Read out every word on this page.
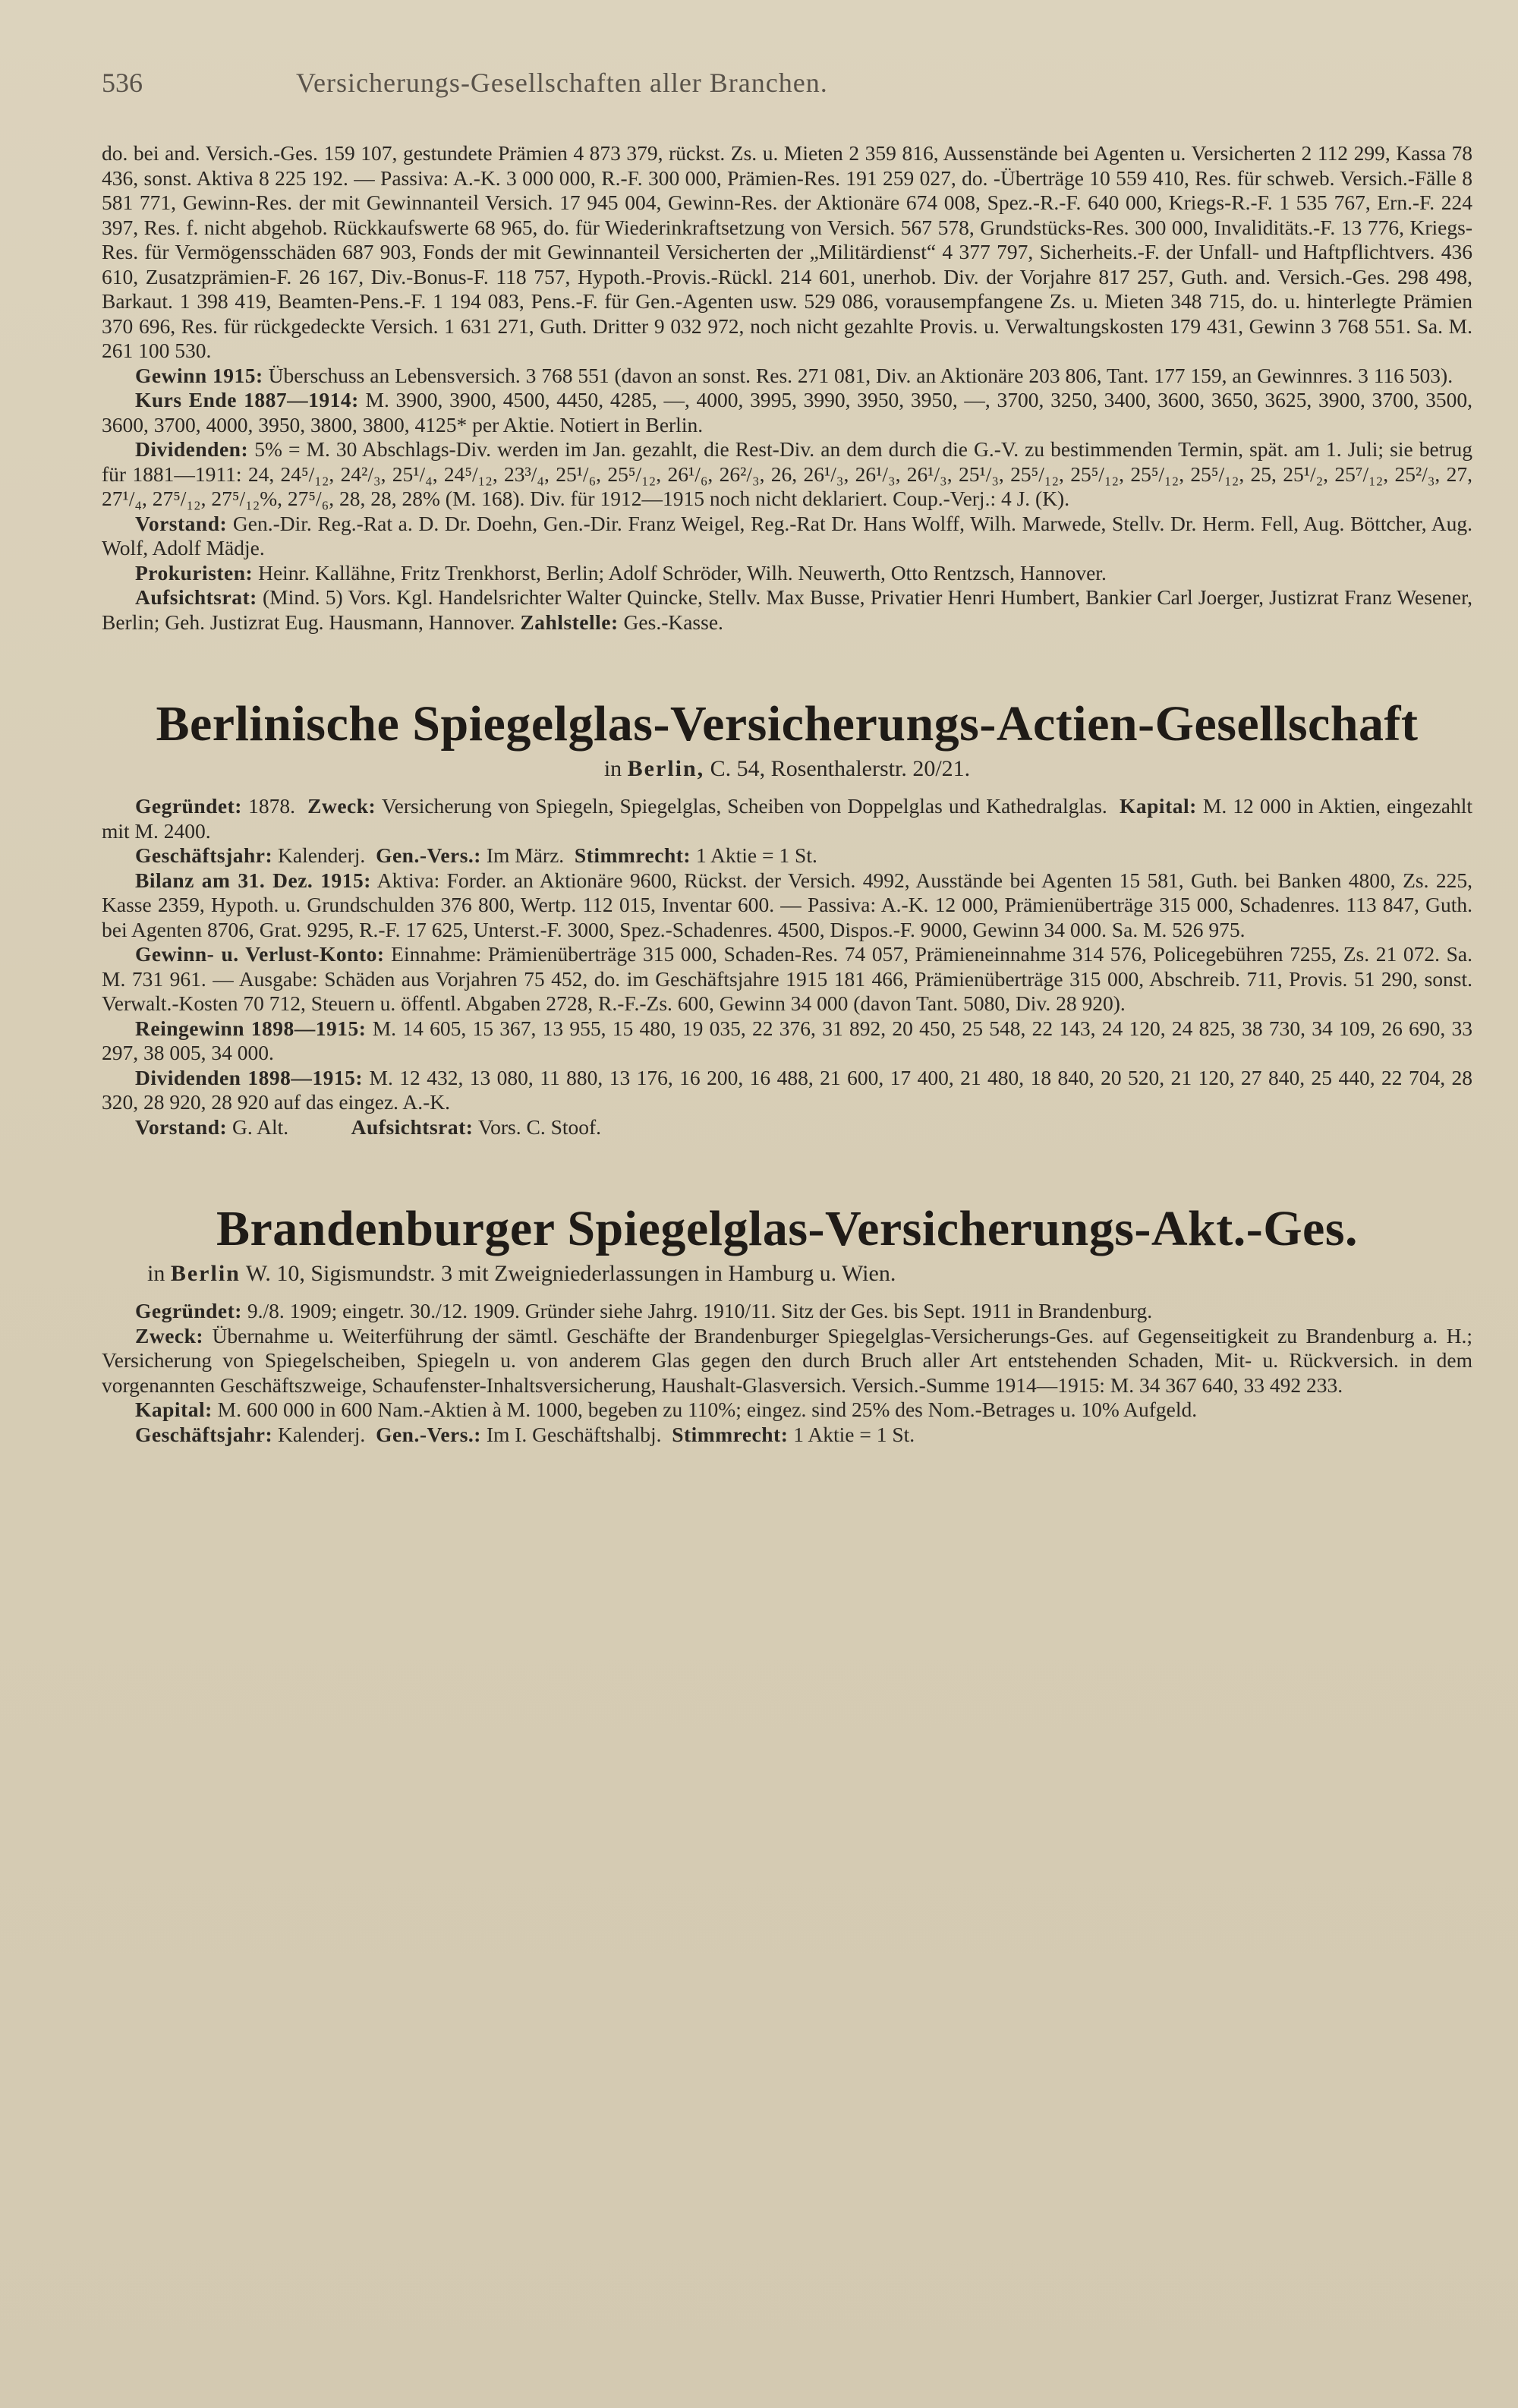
536	Versicherungs-Gesellschaften aller Branchen.

do. bei and. Versich.-Ges. 159 107, gestundete Prämien 4 873 379, rückst. Zs. u. Mieten 2 359 816, Aussenstände bei Agenten u. Versicherten 2 112 299, Kassa 78 436, sonst. Aktiva 8 225 192. — Passiva: A.-K. 3 000 000, R.-F. 300 000, Prämien-Res. 191 259 027, do. -Überträge 10 559 410, Res. für schweb. Versich.-Fälle 8 581 771, Gewinn-Res. der mit Gewinnanteil Versich. 17 945 004, Gewinn-Res. der Aktionäre 674 008, Spez.-R.-F. 640 000, Kriegs-R.-F. 1 535 767, Ern.-F. 224 397, Res. f. nicht abgehob. Rückkaufswerte 68 965, do. für Wiederinkraftsetzung von Versich. 567 578, Grundstücks-Res. 300 000, Invaliditäts.-F. 13 776, Kriegs-Res. für Vermögensschäden 687 903, Fonds der mit Gewinnanteil Versicherten der „Militärdienst“ 4 377 797, Sicherheits.-F. der Unfall- und Haftpflichtvers. 436 610, Zusatzprämien-F. 26 167, Div.-Bonus-F. 118 757, Hypoth.-Provis.-Rückl. 214 601, unerhob. Div. der Vorjahre 817 257, Guth. and. Versich.-Ges. 298 498, Barkaut. 1 398 419, Beamten-Pens.-F. 1 194 083, Pens.-F. für Gen.-Agenten usw. 529 086, vorausempfangene Zs. u. Mieten 348 715, do. u. hinterlegte Prämien 370 696, Res. für rückgedeckte Versich. 1 631 271, Guth. Dritter 9 032 972, noch nicht gezahlte Provis. u. Verwaltungskosten 179 431, Gewinn 3 768 551. Sa. M. 261 100 530.

Gewinn 1915: Überschuss an Lebensversich. 3 768 551 (davon an sonst. Res. 271 081, Div. an Aktionäre 203 806, Tant. 177 159, an Gewinnres. 3 116 503).

Kurs Ende 1887—1914: M. 3900, 3900, 4500, 4450, 4285, —, 4000, 3995, 3990, 3950, 3950, —, 3700, 3250, 3400, 3600, 3650, 3625, 3900, 3700, 3500, 3600, 3700, 4000, 3950, 3800, 3800, 4125* per Aktie. Notiert in Berlin.

Dividenden: 5% = M. 30 Abschlags-Div. werden im Jan. gezahlt, die Rest-Div. an dem durch die G.-V. zu bestimmenden Termin, spät. am 1. Juli; sie betrug für 1881—1911: 24, 24⁵/₁₂, 24²/₃, 25¹/₄, 24⁵/₁₂, 23³/₄, 25¹/₆, 25⁵/₁₂, 26¹/₆, 26²/₃, 26, 26¹/₃, 26¹/₃, 26¹/₃, 25¹/₃, 25⁵/₁₂, 25⁵/₁₂, 25⁵/₁₂, 25⁵/₁₂, 25, 25¹/₂, 25⁷/₁₂, 25²/₃, 27, 27¹/₄, 27⁵/₁₂, 27⁵/₁₂%, 27⁵/₆, 28, 28, 28% (M. 168). Div. für 1912—1915 noch nicht deklariert. Coup.-Verj.: 4 J. (K).

Vorstand: Gen.-Dir. Reg.-Rat a. D. Dr. Doehn, Gen.-Dir. Franz Weigel, Reg.-Rat Dr. Hans Wolff, Wilh. Marwede, Stellv. Dr. Herm. Fell, Aug. Böttcher, Aug. Wolf, Adolf Mädje.

Prokuristen: Heinr. Kallähne, Fritz Trenkhorst, Berlin; Adolf Schröder, Wilh. Neuwerth, Otto Rentzsch, Hannover.

Aufsichtsrat: (Mind. 5) Vors. Kgl. Handelsrichter Walter Quincke, Stellv. Max Busse, Privatier Henri Humbert, Bankier Carl Joerger, Justizrat Franz Wesener, Berlin; Geh. Justizrat Eug. Hausmann, Hannover. Zahlstelle: Ges.-Kasse.

Berlinische Spiegelglas-Versicherungs-Actien-Gesellschaft

in Berlin, C. 54, Rosenthalerstr. 20/21.

Gegründet: 1878. Zweck: Versicherung von Spiegeln, Spiegelglas, Scheiben von Doppelglas und Kathedralglas. Kapital: M. 12 000 in Aktien, eingezahlt mit M. 2400.

Geschäftsjahr: Kalenderj. Gen.-Vers.: Im März. Stimmrecht: 1 Aktie = 1 St.

Bilanz am 31. Dez. 1915: Aktiva: Forder. an Aktionäre 9600, Rückst. der Versich. 4992, Ausstände bei Agenten 15 581, Guth. bei Banken 4800, Zs. 225, Kasse 2359, Hypoth. u. Grundschulden 376 800, Wertp. 112 015, Inventar 600. — Passiva: A.-K. 12 000, Prämienüberträge 315 000, Schadenres. 113 847, Guth. bei Agenten 8706, Grat. 9295, R.-F. 17 625, Unterst.-F. 3000, Spez.-Schadenres. 4500, Dispos.-F. 9000, Gewinn 34 000. Sa. M. 526 975.

Gewinn- u. Verlust-Konto: Einnahme: Prämienüberträge 315 000, Schaden-Res. 74 057, Prämieneinnahme 314 576, Policegebühren 7255, Zs. 21 072. Sa. M. 731 961. — Ausgabe: Schäden aus Vorjahren 75 452, do. im Geschäftsjahre 1915 181 466, Prämienüberträge 315 000, Abschreib. 711, Provis. 51 290, sonst. Verwalt.-Kosten 70 712, Steuern u. öffentl. Abgaben 2728, R.-F.-Zs. 600, Gewinn 34 000 (davon Tant. 5080, Div. 28 920).

Reingewinn 1898—1915: M. 14 605, 15 367, 13 955, 15 480, 19 035, 22 376, 31 892, 20 450, 25 548, 22 143, 24 120, 24 825, 38 730, 34 109, 26 690, 33 297, 38 005, 34 000.

Dividenden 1898—1915: M. 12 432, 13 080, 11 880, 13 176, 16 200, 16 488, 21 600, 17 400, 21 480, 18 840, 20 520, 21 120, 27 840, 25 440, 22 704, 28 320, 28 920, 28 920 auf das eingez. A.-K.

Vorstand: G. Alt.	Aufsichtsrat: Vors. C. Stoof.

Brandenburger Spiegelglas-Versicherungs-Akt.-Ges.

in Berlin W. 10, Sigismundstr. 3 mit Zweigniederlassungen in Hamburg u. Wien.

Gegründet: 9./8. 1909; eingetr. 30./12. 1909. Gründer siehe Jahrg. 1910/11. Sitz der Ges. bis Sept. 1911 in Brandenburg.

Zweck: Übernahme u. Weiterführung der sämtl. Geschäfte der Brandenburger Spiegelglas-Versicherungs-Ges. auf Gegenseitigkeit zu Brandenburg a. H.; Versicherung von Spiegelscheiben, Spiegeln u. von anderem Glas gegen den durch Bruch aller Art entstehenden Schaden, Mit- u. Rückversich. in dem vorgenannten Geschäftszweige, Schaufenster-Inhaltsversicherung, Haushalt-Glasversich. Versich.-Summe 1914—1915: M. 34 367 640, 33 492 233.

Kapital: M. 600 000 in 600 Nam.-Aktien à M. 1000, begeben zu 110%; eingez. sind 25% des Nom.-Betrages u. 10% Aufgeld.

Geschäftsjahr: Kalenderj. Gen.-Vers.: Im I. Geschäftshalbj. Stimmrecht: 1 Aktie = 1 St.
